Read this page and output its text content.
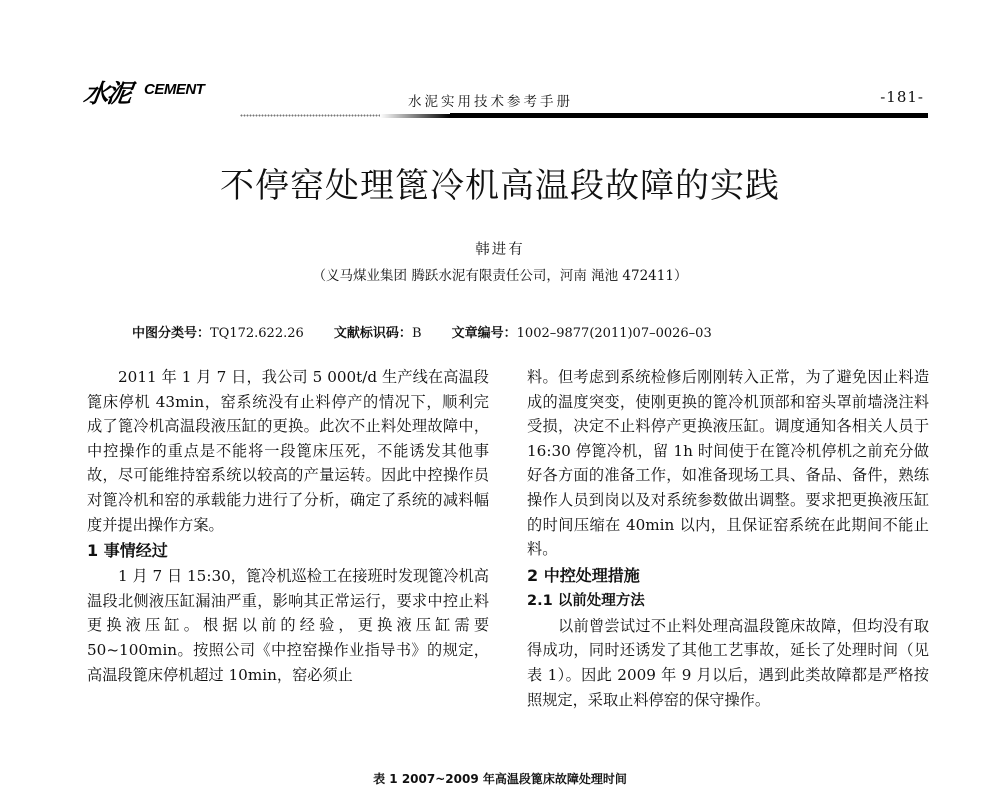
水泥 CEMENT
水泥实用技术参考手册	-181-
不停窑处理篦冷机高温段故障的实践
韩进有
（义马煤业集团 腾跃水泥有限责任公司，河南 渑池 472411）
中图分类号：TQ172.622.26 文献标识码：B 文章编号：1002–9877(2011)07–0026–03

2011 年 1 月 7 日，我公司 5 000t/d 生产线在高温段篦床停机 43min，窑系统没有止料停产的情况下，顺利完成了篦冷机高温段液压缸的更换。此次不止料处理故障中，中控操作的重点是不能将一段篦床压死，不能诱发其他事故，尽可能维持窑系统以较高的产量运转。因此中控操作员对篦冷机和窑的承载能力进行了分析，确定了系统的减料幅度并提出操作方案。

1 事情经过

1 月 7 日 15:30，篦冷机巡检工在接班时发现篦冷机高温段北侧液压缸漏油严重，影响其正常运行，要求中控止料更换液压缸。根据以前的经验，更换液压缸需要 50~100min。按照公司《中控窑操作业指导书》的规定，高温段篦床停机超过 10min，窑必须止

料。但考虑到系统检修后刚刚转入正常，为了避免因止料造成的温度突变，使刚更换的篦冷机顶部和窑头罩前墙浇注料受损，决定不止料停产更换液压缸。调度通知各相关人员于 16:30 停篦冷机，留 1h 时间使于在篦冷机停机之前充分做好各方面的准备工作，如准备现场工具、备品、备件，熟练操作人员到岗以及对系统参数做出调整。要求把更换液压缸的时间压缩在 40min 以内，且保证窑系统在此期间不能止料。

2 中控处理措施
2.1 以前处理方法

以前曾尝试过不止料处理高温段篦床故障，但均没有取得成功，同时还诱发了其他工艺事故，延长了处理时间（见表 1）。因此 2009 年 9 月以后，遇到此类故障都是严格按照规定，采取止料停窑的保守操作。

表 1 2007~2009 年高温段篦床故障处理时间
